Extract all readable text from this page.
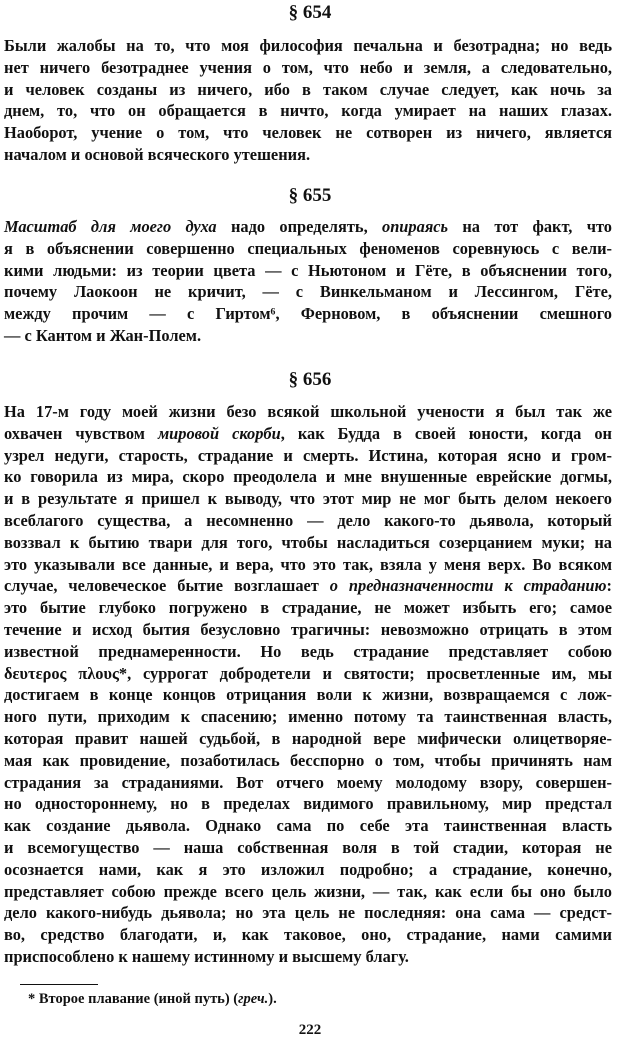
§ 654
Были жалобы на то, что моя философия печальна и безотрадна; но ведь
нет ничего безотраднее учения о том, что небо и земля, а следовательно,
и человек созданы из ничего, ибо в таком случае следует, как ночь за
днем, то, что он обращается в ничто, когда умирает на наших глазах.
Наоборот, учение о том, что человек не сотворен из ничего, является
началом и основой всяческого утешения.
§ 655
Масштаб для моего духа надо определять, опираясь на тот факт, что
я в объяснении совершенно специальных феноменов соревнуюсь с вели-
кими людьми: из теории цвета — с Ньютоном и Гёте, в объяснении того,
почему Лаокоон не кричит, — с Винкельманом и Лессингом, Гёте,
между прочим — с Гиртом⁶, Ферновом, в объяснении смешного
— с Кантом и Жан-Полем.
§ 656
На 17-м году моей жизни безо всякой школьной учености я был так же
охвачен чувством мировой скорби, как Будда в своей юности, когда он
узрел недуги, старость, страдание и смерть. Истина, которая ясно и гром-
ко говорила из мира, скоро преодолела и мне внушенные еврейские догмы,
и в результате я пришел к выводу, что этот мир не мог быть делом некоего
всеблагого существа, а несомненно — дело какого-то дьявола, который
воззвал к бытию твари для того, чтобы насладиться созерцанием муки; на
это указывали все данные, и вера, что это так, взяла у меня верх. Во всяком
случае, человеческое бытие возглашает о предназначенности к страданию:
это бытие глубоко погружено в страдание, не может избыть его; самое
течение и исход бытия безусловно трагичны: невозможно отрицать в этом
известной преднамеренности. Но ведь страдание представляет собою
δευτερος πλους*, суррогат добродетели и святости; просветленные им, мы
достигаем в конце концов отрицания воли к жизни, возвращаемся с лож-
ного пути, приходим к спасению; именно потому та таинственная власть,
которая правит нашей судьбой, в народной вере мифически олицетворяе-
мая как провидение, позаботилась бесспорно о том, чтобы причинять нам
страдания за страданиями. Вот отчего моему молодому взору, совершен-
но одностороннему, но в пределах видимого правильному, мир предстал
как создание дьявола. Однако сама по себе эта таинственная власть
и всемогущество — наша собственная воля в той стадии, которая не
осознается нами, как я это изложил подробно; а страдание, конечно,
представляет собою прежде всего цель жизни, — так, как если бы оно было
дело какого-нибудь дьявола; но эта цель не последняя: она сама — средст-
во, средство благодати, и, как таковое, оно, страдание, нами самими
приспособлено к нашему истинному и высшему благу.
* Второе плавание (иной путь) (греч.).
222
